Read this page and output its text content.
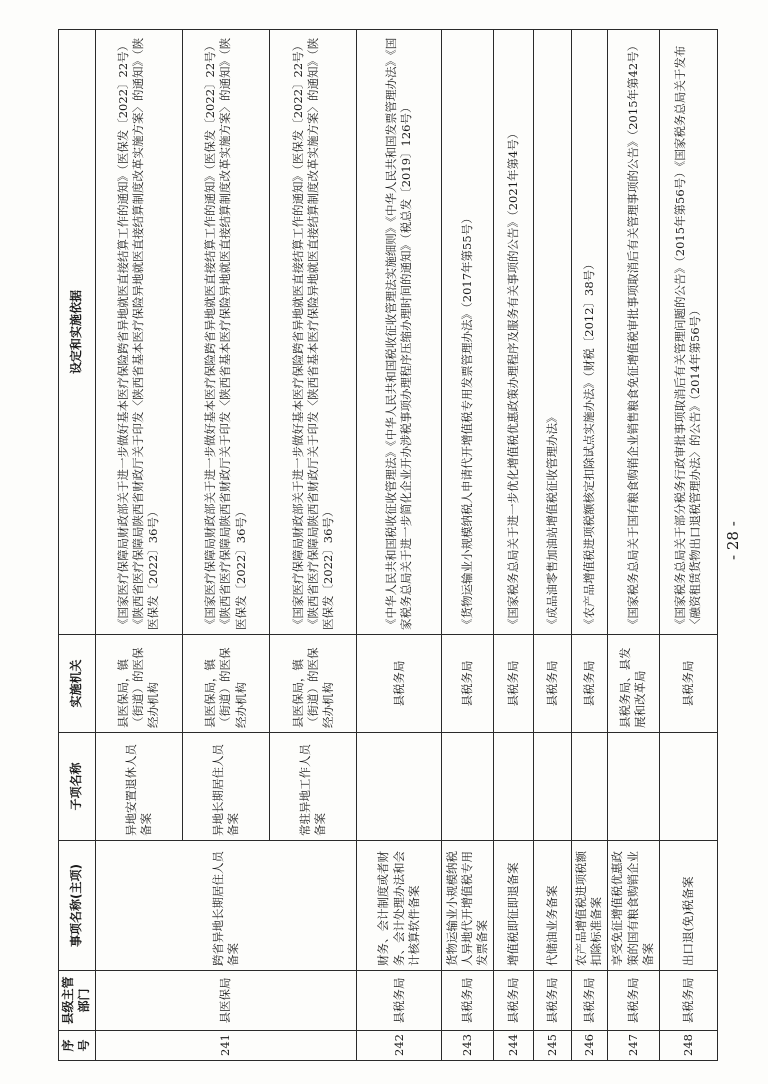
序号	县级主管部门	事项名称(主项)	子项名称	实施机关	设定和实施依据
241	县医保局	跨省异地长期居住人员备案	异地安置退休人员备案	县医保局，镇（街道）的医保经办机构	《国家医疗保障局财政部关于进一步做好基本医疗保险跨省异地就医直接结算工作的通知》（医保发〔2022〕22号）《陕西省医疗保障局陕西省财政厅关于印发〈陕西省基本医疗保险异地就医直接结算制度改革实施方案〉的通知》（陕医保发〔2022〕36号）
			异地长期居住人员备案	县医保局，镇（街道）的医保经办机构	《国家医疗保障局财政部关于进一步做好基本医疗保险跨省异地就医直接结算工作的通知》（医保发〔2022〕22号）《陕西省医疗保障局陕西省财政厅关于印发〈陕西省基本医疗保险异地就医直接结算制度改革实施方案〉的通知》（陕医保发〔2022〕36号）
			常驻异地工作人员备案	县医保局，镇（街道）的医保经办机构	《国家医疗保障局财政部关于进一步做好基本医疗保险跨省异地就医直接结算工作的通知》（医保发〔2022〕22号）《陕西省医疗保障局陕西省财政厅关于印发〈陕西省基本医疗保险异地就医直接结算制度改革实施方案〉的通知》（陕医保发〔2022〕36号）
242	县税务局	财务、会计制度或者财务、会计处理办法和会计核算软件备案		县税务局	《中华人民共和国税收征收管理法》《中华人民共和国税收征收管理法实施细则》《中华人民共和国发票管理办法》《国家税务总局关于进一步简化企业开办涉税事项办理程序压缩办理时间的通知》（税总发〔2019〕126号）
243	县税务局	货物运输业小规模纳税人异地代开增值税专用发票备案		县税务局	《货物运输业小规模纳税人申请代开增值税专用发票管理办法》（2017年第55号）
244	县税务局	增值税即征即退备案		县税务局	《国家税务总局关于进一步优化增值税优惠政策办理程序及服务有关事项的公告》（2021年第4号）
245	县税务局	代储油业务备案		县税务局	《成品油零售加油站增值税征收管理办法》
246	县税务局	农产品增值税进项税额扣除标准备案		县税务局	《农产品增值税进项税额核定扣除试点实施办法》（财税〔2012〕38号）
247	县税务局	享受免征增值税优惠政策的国有粮食购销企业备案		县税务局、县发展和改革局	《国家税务总局关于国有粮食购销企业销售粮食免征增值税审批事项取消后有关管理事项的公告》（2015年第42号）
248	县税务局	出口退(免)税备案		县税务局	《国家税务总局关于部分税务行政审批事项取消后有关管理问题的公告》（2015年第56号）《国家税务总局关于发布〈融资租赁货物出口退税管理办法〉的公告》（2014年第56号） - 28 -
